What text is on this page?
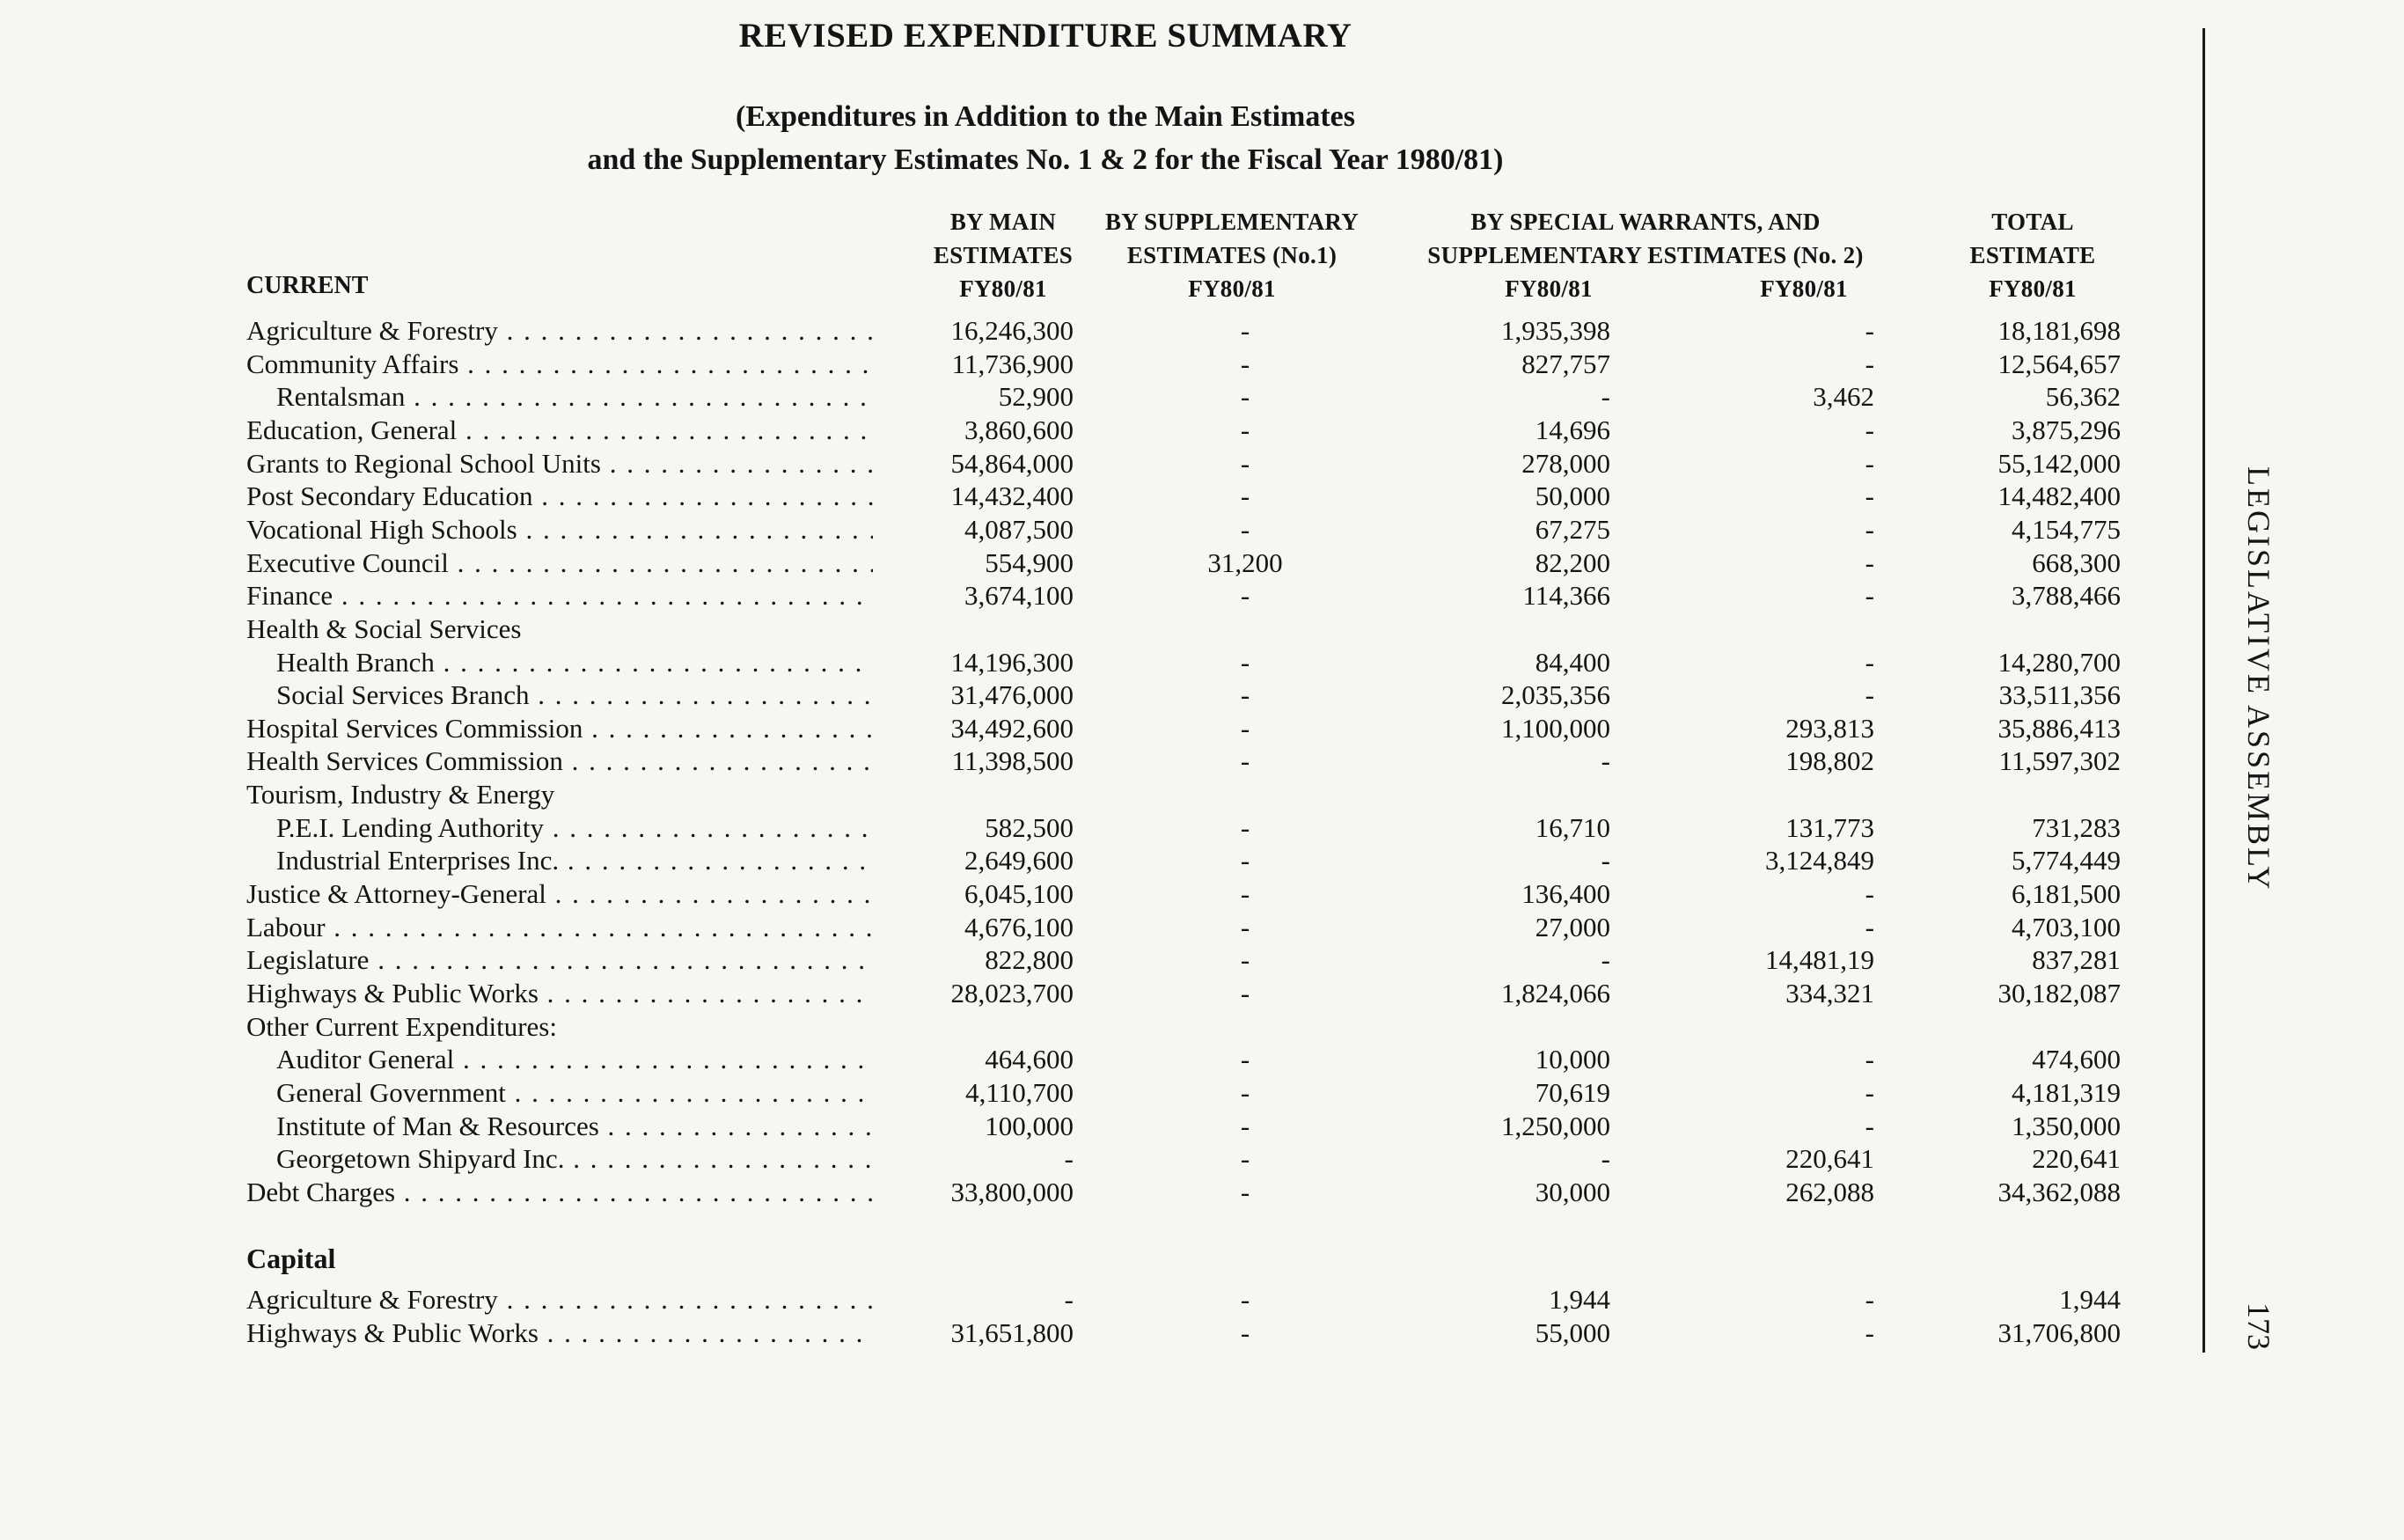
REVISED EXPENDITURE SUMMARY
(Expenditures in Addition to the Main Estimates
and the Supplementary Estimates No. 1 & 2 for the Fiscal Year 1980/81)
BY MAIN
ESTIMATES
FY80/81
BY SUPPLEMENTARY
ESTIMATES (No.1)
FY80/81
BY SPECIAL WARRANTS, AND
SUPPLEMENTARY ESTIMATES (No. 2)
FY80/81	FY80/81
TOTAL
ESTIMATE
FY80/81
CURRENT
Agriculture & Forestry . . .	16,246,300	-	1,935,398	-	18,181,698
Community Affairs . . .	11,736,900	-	827,757	-	12,564,657
Rentalsman . . .	52,900	-	-	3,462	56,362
Education, General . . .	3,860,600	-	14,696	-	3,875,296
Grants to Regional School Units . . .	54,864,000	-	278,000	-	55,142,000
Post Secondary Education . . .	14,432,400	-	50,000	-	14,482,400
Vocational High Schools . . .	4,087,500	-	67,275	-	4,154,775
Executive Council . . .	554,900	31,200	82,200	-	668,300
Finance . . .	3,674,100	-	114,366	-	3,788,466
Health & Social Services
Health Branch . . .	14,196,300	-	84,400	-	14,280,700
Social Services Branch . . .	31,476,000	-	2,035,356	-	33,511,356
Hospital Services Commission . . .	34,492,600	-	1,100,000	293,813	35,886,413
Health Services Commission . . .	11,398,500	-	-	198,802	11,597,302
Tourism, Industry & Energy
P.E.I. Lending Authority . . .	582,500	-	16,710	131,773	731,283
Industrial Enterprises Inc. . . .	2,649,600	-	-	3,124,849	5,774,449
Justice & Attorney-General . . .	6,045,100	-	136,400	-	6,181,500
Labour . . .	4,676,100	-	27,000	-	4,703,100
Legislature . . .	822,800	-	-	14,481,19	837,281
Highways & Public Works . . .	28,023,700	-	1,824,066	334,321	30,182,087
Other Current Expenditures:
Auditor General . . .	464,600	-	10,000	-	474,600
General Government . . .	4,110,700	-	70,619	-	4,181,319
Institute of Man & Resources . . .	100,000	-	1,250,000	-	1,350,000
Georgetown Shipyard Inc. . . .	-	-	-	220,641	220,641
Debt Charges . . .	33,800,000	-	30,000	262,088	34,362,088
Capital
Agriculture & Forestry . . .	-	-	1,944	-	1,944
Highways & Public Works . . .	31,651,800	-	55,000	-	31,706,800
LEGISLATIVE ASSEMBLY
173
